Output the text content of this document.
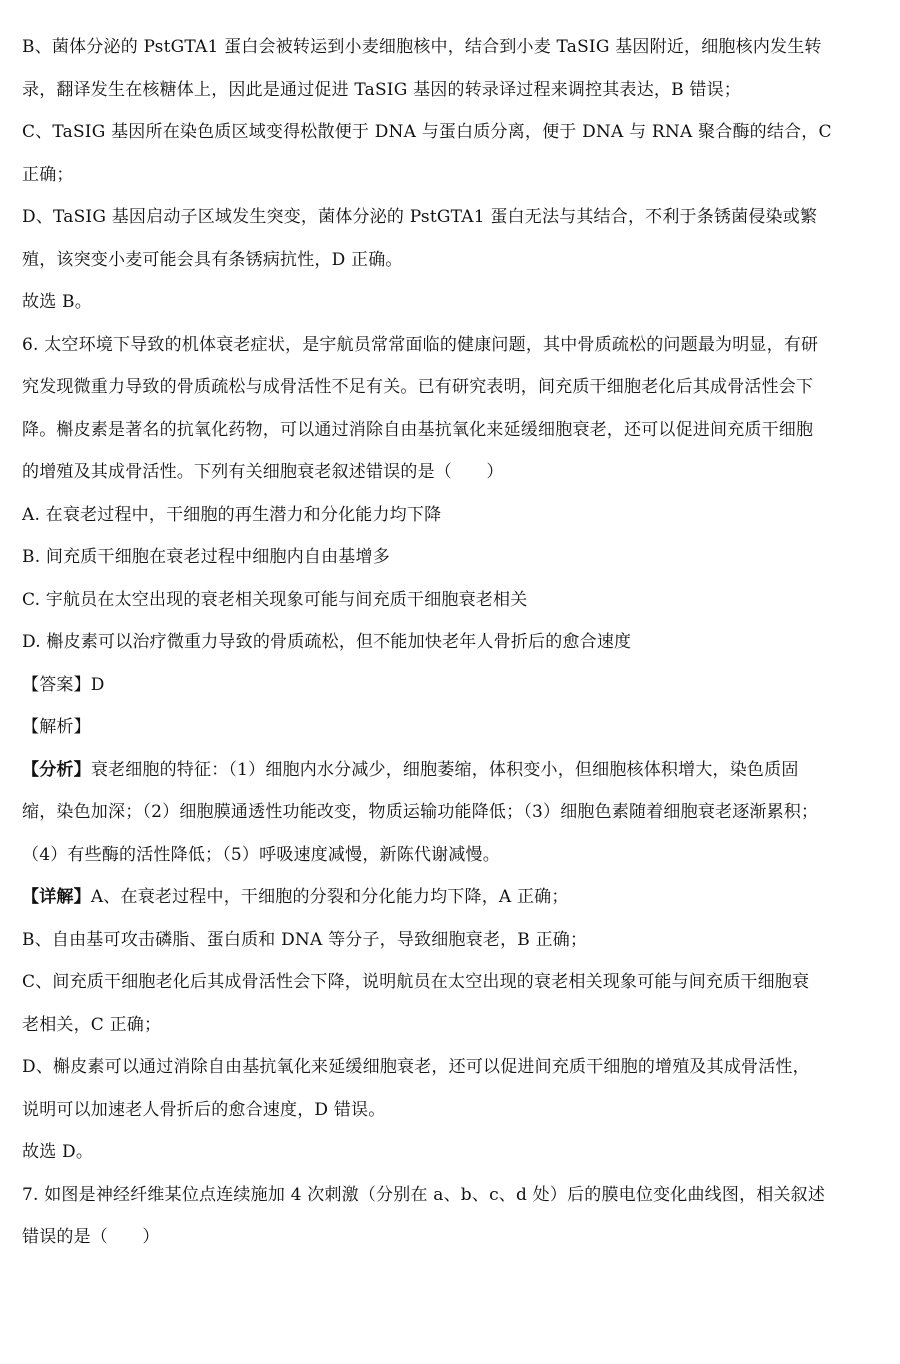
B、菌体分泌的 PstGTA1 蛋白会被转运到小麦细胞核中，结合到小麦 TaSIG 基因附近，细胞核内发生转
录，翻译发生在核糖体上，因此是通过促进 TaSIG 基因的转录译过程来调控其表达，B 错误；
C、TaSIG 基因所在染色质区域变得松散便于 DNA 与蛋白质分离，便于 DNA 与 RNA 聚合酶的结合，C
正确；
D、TaSIG 基因启动子区域发生突变，菌体分泌的 PstGTA1 蛋白无法与其结合，不利于条锈菌侵染或繁
殖，该突变小麦可能会具有条锈病抗性，D 正确。
故选 B。
6. 太空环境下导致的机体衰老症状，是宇航员常常面临的健康问题，其中骨质疏松的问题最为明显，有研
究发现微重力导致的骨质疏松与成骨活性不足有关。已有研究表明，间充质干细胞老化后其成骨活性会下
降。槲皮素是著名的抗氧化药物，可以通过消除自由基抗氧化来延缓细胞衰老，还可以促进间充质干细胞
的增殖及其成骨活性。下列有关细胞衰老叙述错误的是（　　）
A. 在衰老过程中，干细胞的再生潜力和分化能力均下降
B. 间充质干细胞在衰老过程中细胞内自由基增多
C. 宇航员在太空出现的衰老相关现象可能与间充质干细胞衰老相关
D. 槲皮素可以治疗微重力导致的骨质疏松，但不能加快老年人骨折后的愈合速度
【答案】D
【解析】
【分析】衰老细胞的特征：（1）细胞内水分减少，细胞萎缩，体积变小，但细胞核体积增大，染色质固
缩，染色加深；（2）细胞膜通透性功能改变，物质运输功能降低；（3）细胞色素随着细胞衰老逐渐累积；
（4）有些酶的活性降低；（5）呼吸速度减慢，新陈代谢减慢。
【详解】A、在衰老过程中，干细胞的分裂和分化能力均下降，A 正确；
B、自由基可攻击磷脂、蛋白质和 DNA 等分子，导致细胞衰老，B 正确；
C、间充质干细胞老化后其成骨活性会下降，说明航员在太空出现的衰老相关现象可能与间充质干细胞衰
老相关，C 正确；
D、槲皮素可以通过消除自由基抗氧化来延缓细胞衰老，还可以促进间充质干细胞的增殖及其成骨活性，
说明可以加速老人骨折后的愈合速度，D 错误。
故选 D。
7. 如图是神经纤维某位点连续施加 4 次刺激（分别在 a、b、c、d 处）后的膜电位变化曲线图，相关叙述
错误的是（　　）
